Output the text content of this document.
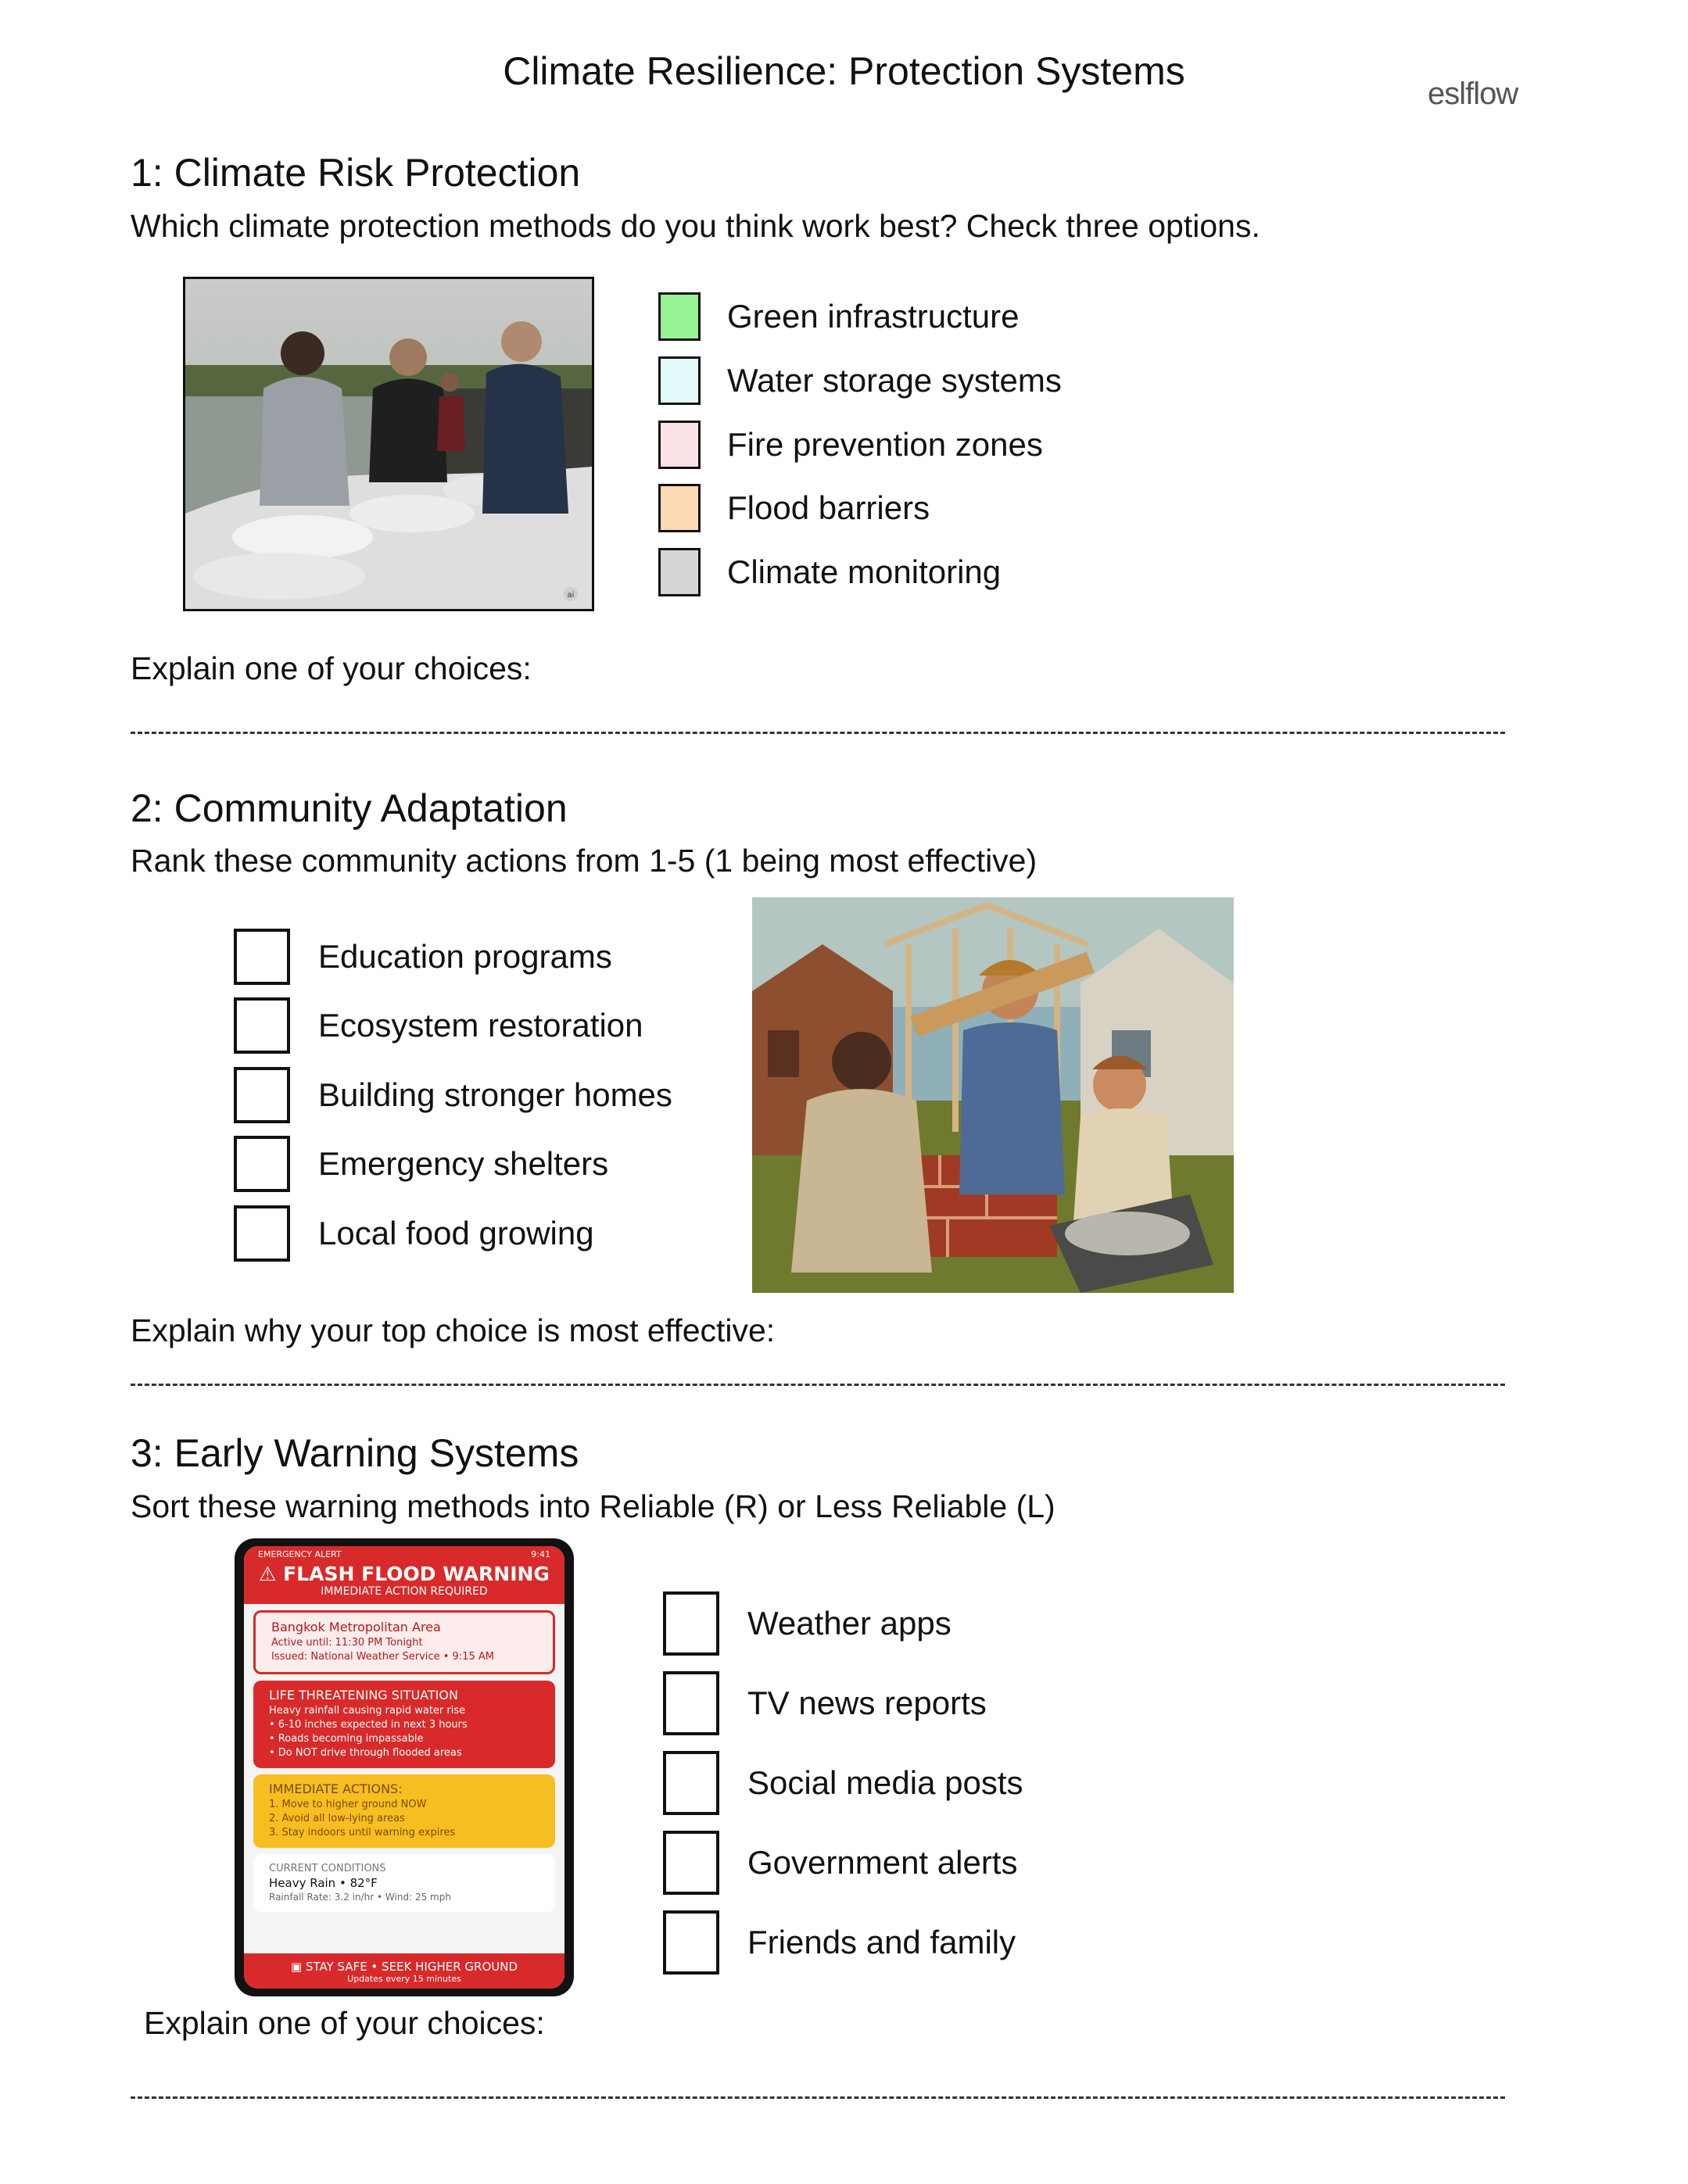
Climate Resilience: Protection Systems
eslflow
1: Climate Risk Protection
Which climate protection methods do you think work best? Check three options.
ai
Green infrastructure
Water storage systems
Fire prevention zones
Flood barriers
Climate monitoring
Explain one of your choices:
2: Community Adaptation
Rank these community actions from 1-5 (1 being most effective)
Education programs
Ecosystem restoration
Building stronger homes
Emergency shelters
Local food growing
Explain why your top choice is most effective:
3: Early Warning Systems
Sort these warning methods into Reliable (R) or Less Reliable (L)
EMERGENCY ALERT	9:41
⚠ FLASH FLOOD WARNING
IMMEDIATE ACTION REQUIRED
Bangkok Metropolitan Area
Active until: 11:30 PM Tonight
Issued: National Weather Service • 9:15 AM
LIFE THREATENING SITUATION
Heavy rainfall causing rapid water rise
• 6-10 inches expected in next 3 hours
• Roads becoming impassable
• Do NOT drive through flooded areas
IMMEDIATE ACTIONS:
1. Move to higher ground NOW
2. Avoid all low-lying areas
3. Stay indoors until warning expires
CURRENT CONDITIONS
Heavy Rain • 82°F
Rainfall Rate: 3.2 in/hr • Wind: 25 mph
▣ STAY SAFE • SEEK HIGHER GROUND
Updates every 15 minutes
Weather apps
TV news reports
Social media posts
Government alerts
Friends and family
Explain one of your choices:
